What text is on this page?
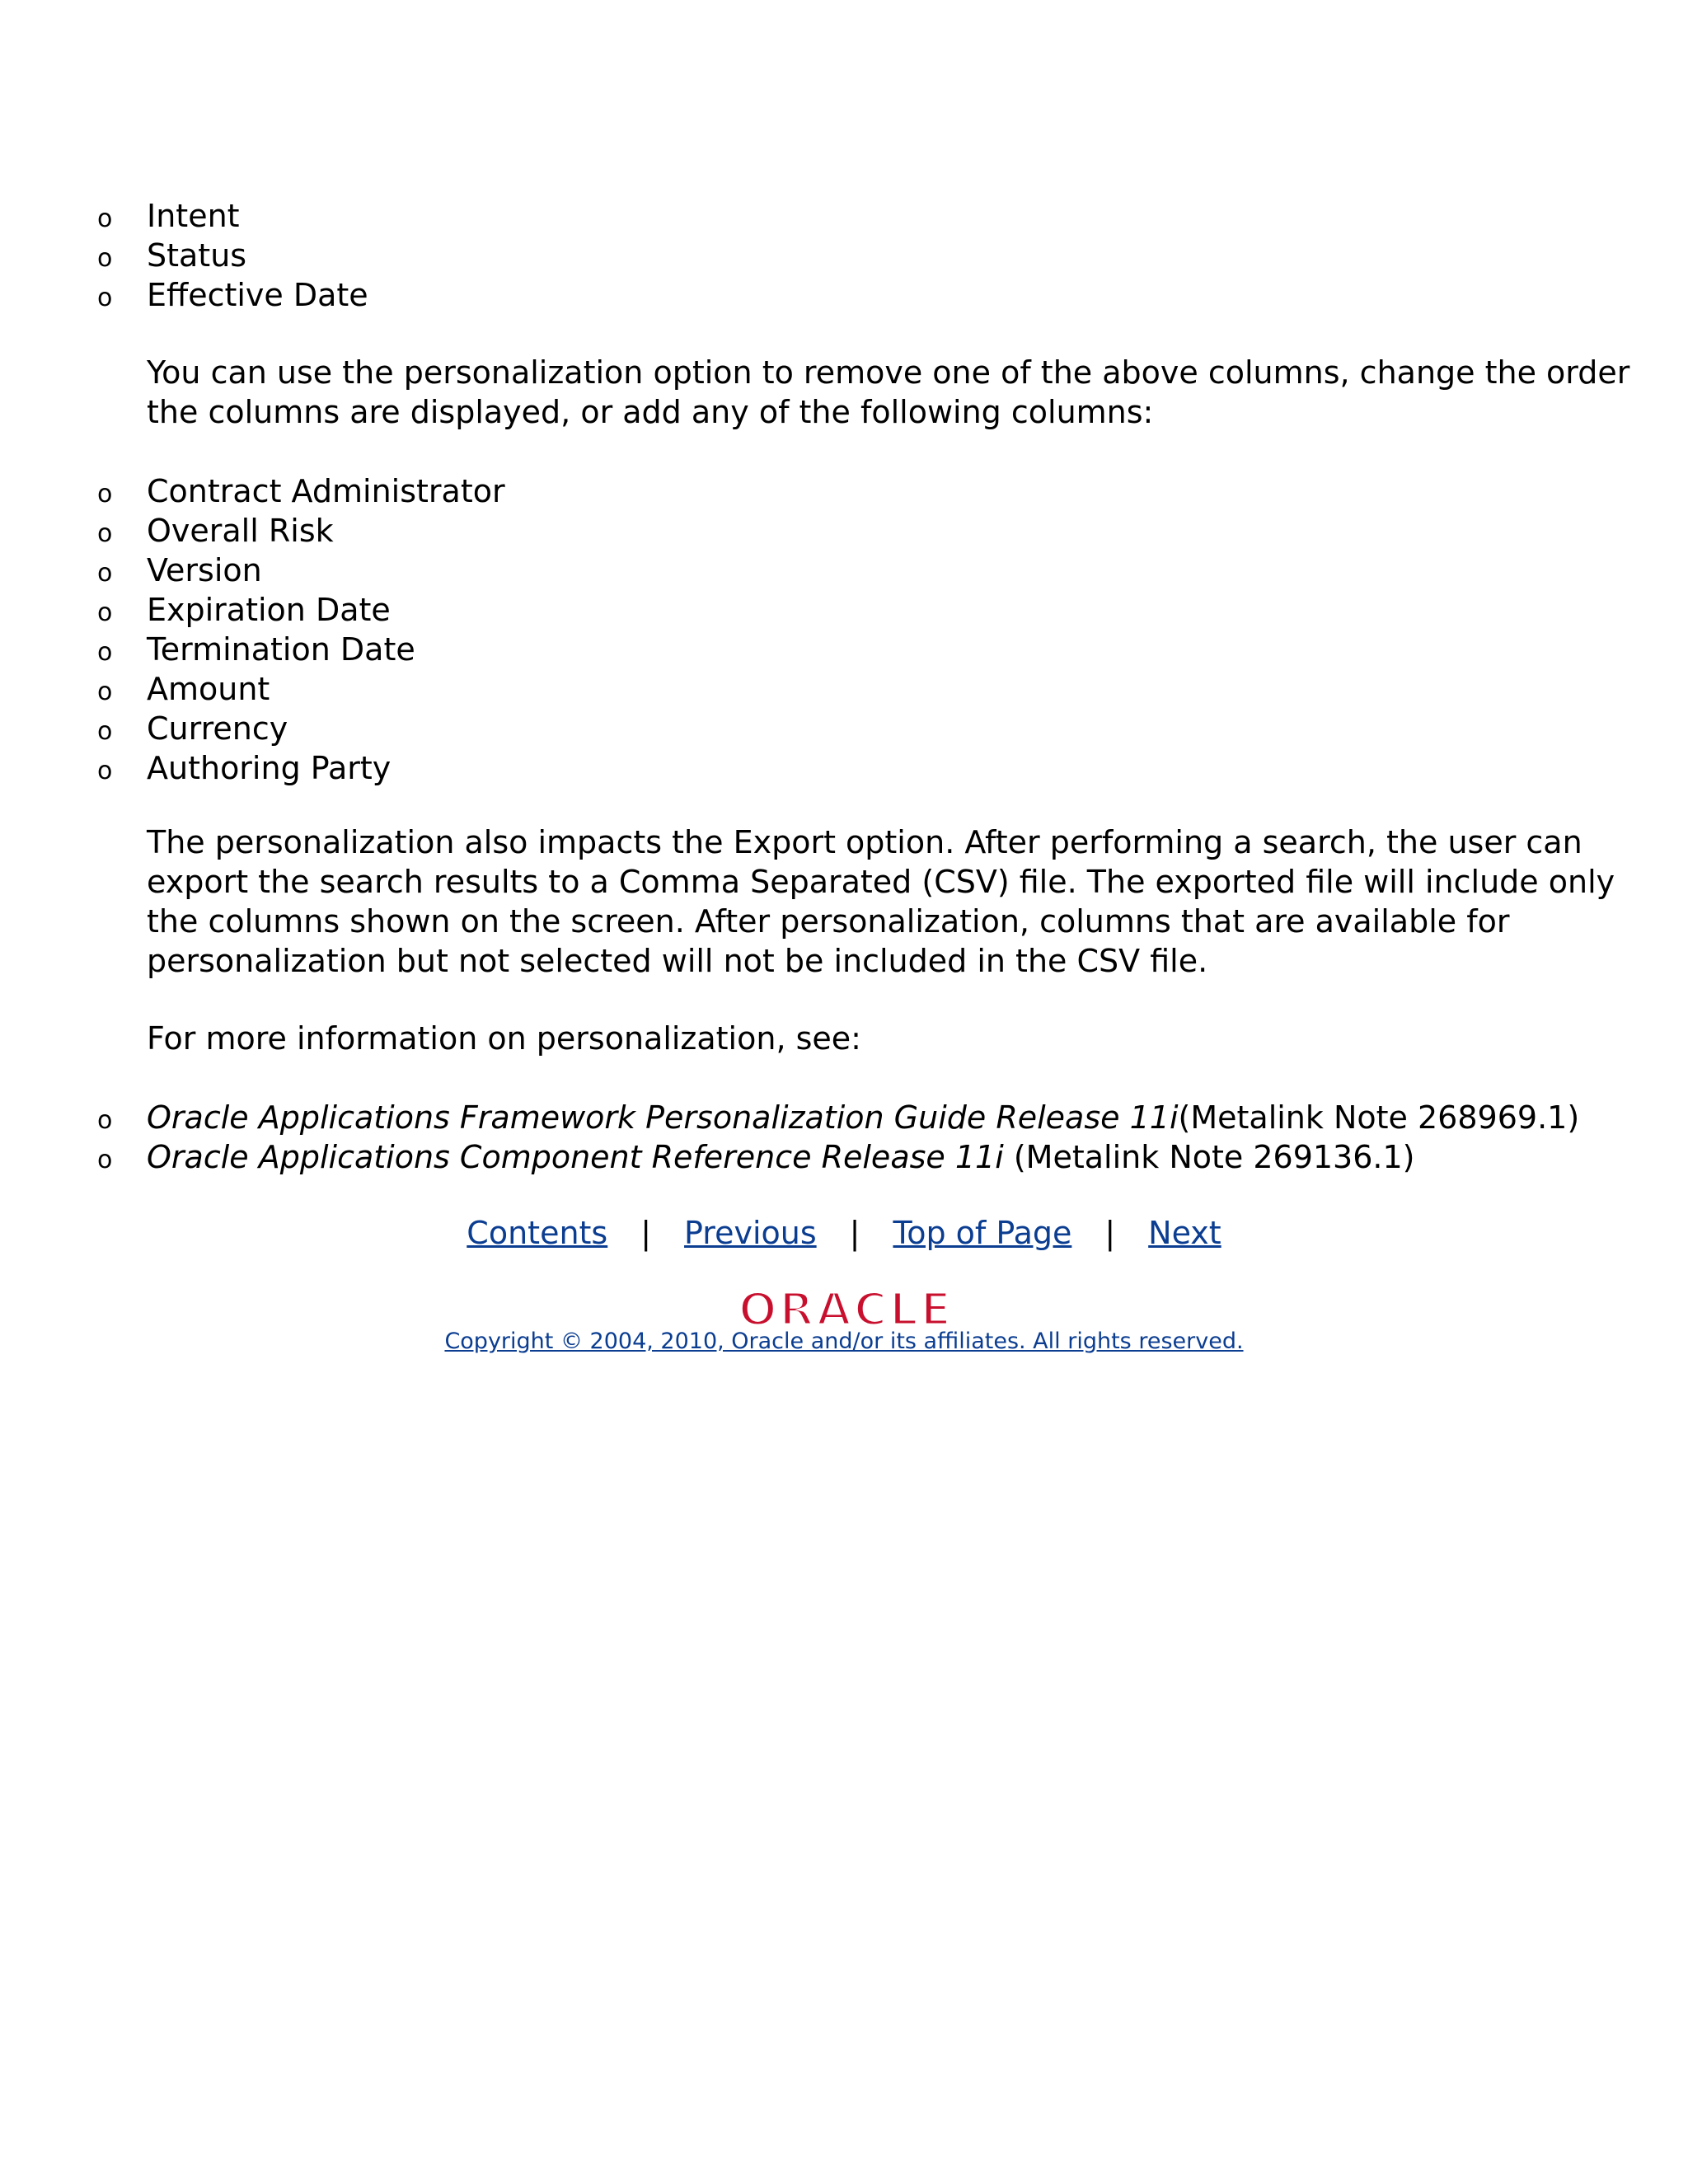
o Intent
o Status
o Effective Date

You can use the personalization option to remove one of the above columns, change the order
the columns are displayed, or add any of the following columns:

o Contract Administrator
o Overall Risk
o Version
o Expiration Date
o Termination Date
o Amount
o Currency
o Authoring Party

The personalization also impacts the Export option. After performing a search, the user can
export the search results to a Comma Separated (CSV) file. The exported file will include only
the columns shown on the screen. After personalization, columns that are available for
personalization but not selected will not be included in the CSV file.

For more information on personalization, see:

o Oracle Applications Framework Personalization Guide Release 11i(Metalink Note 268969.1)
o Oracle Applications Component Reference Release 11i (Metalink Note 269136.1)
Contents | Previous | Top of Page | Next
ORACLE
Copyright © 2004, 2010, Oracle and/or its affiliates. All rights reserved.
